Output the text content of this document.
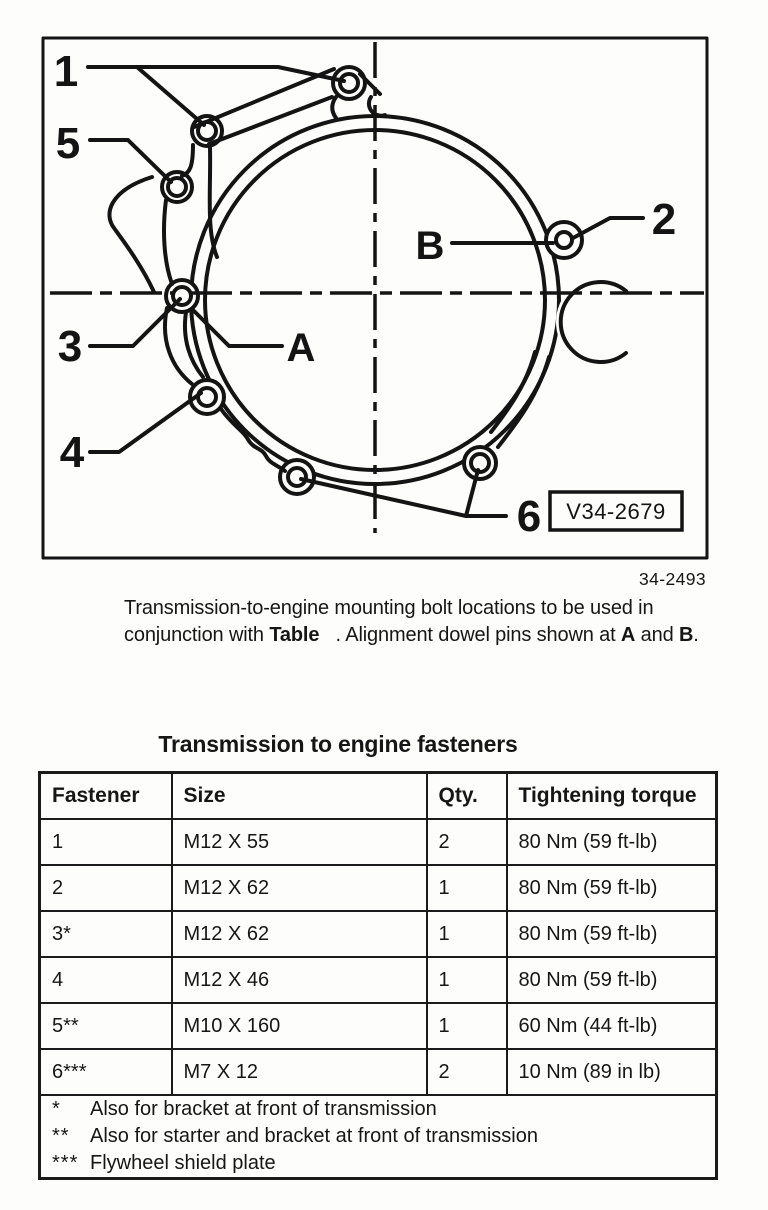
1
5
3
4
2
6
A
B
V34-2679
34-2493

Transmission-to-engine mounting bolt locations to be used in conjunction with Table   . Alignment dowel pins shown at A and B.

Transmission to engine fasteners
Fastener	Size	Qty.	Tightening torque
1	M12 X 55	2	80 Nm (59 ft-lb)
2	M12 X 62	1	80 Nm (59 ft-lb)
3*	M12 X 62	1	80 Nm (59 ft-lb)
4	M12 X 46	1	80 Nm (59 ft-lb)
5**	M10 X 160	1	60 Nm (44 ft-lb)
6***	M7 X 12	2	10 Nm (89 in lb)

*	Also for bracket at front of transmission
**	Also for starter and bracket at front of transmission
*** Flywheel shield plate
